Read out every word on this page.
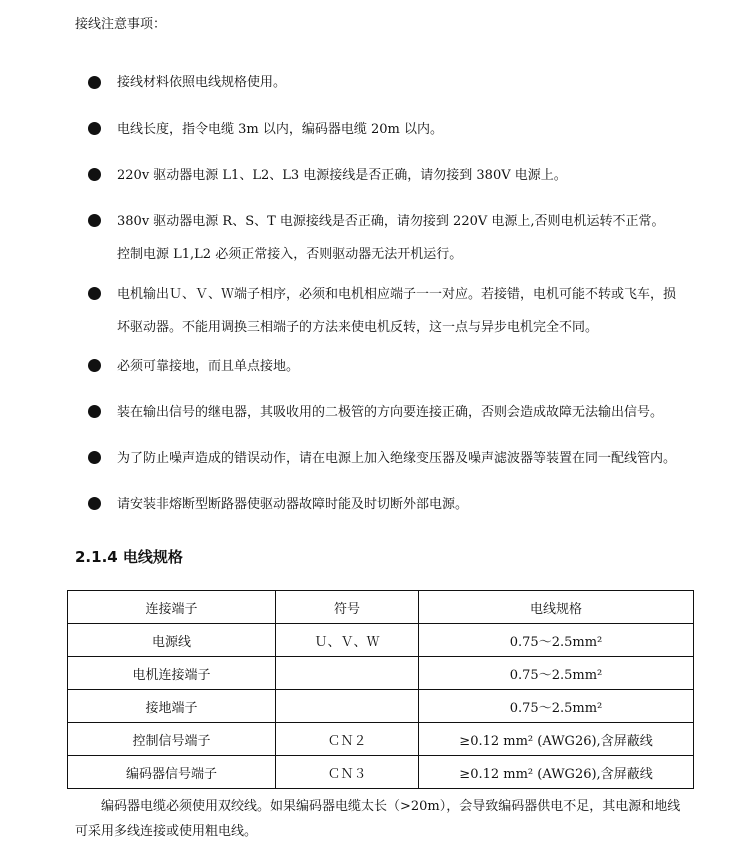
接线注意事项：
接线材料依照电线规格使用。
电线长度，指令电缆 3m 以内，编码器电缆 20m 以内。
220v 驱动器电源 L1、L2、L3 电源接线是否正确，请勿接到 380V 电源上。
380v 驱动器电源 R、S、T 电源接线是否正确，请勿接到 220V 电源上,否则电机运转不正常。
控制电源 L1,L2 必须正常接入，否则驱动器无法开机运行。
电机输出Ｕ、Ｖ、Ｗ端子相序，必须和电机相应端子一一对应。若接错，电机可能不转或飞车，损
坏驱动器。不能用调换三相端子的方法来使电机反转，这一点与异步电机完全不同。
必须可靠接地，而且单点接地。
装在输出信号的继电器，其吸收用的二极管的方向要连接正确，否则会造成故障无法输出信号。
为了防止噪声造成的错误动作，请在电源上加入绝缘变压器及噪声滤波器等装置在同一配线管内。
请安装非熔断型断路器使驱动器故障时能及时切断外部电源。
2.1.4 电线规格
连接端子	符号	电线规格
电源线	Ｕ、Ｖ、Ｗ	0.75～2.5mm²
电机连接端子		0.75～2.5mm²
接地端子		0.75～2.5mm²
控制信号端子	ＣＮ２	≥0.12 mm² (AWG26),含屏蔽线
编码器信号端子	ＣＮ３	≥0.12 mm² (AWG26),含屏蔽线
编码器电缆必须使用双绞线。如果编码器电缆太长（>20m），会导致编码器供电不足，其电源和地线
可采用多线连接或使用粗电线。
